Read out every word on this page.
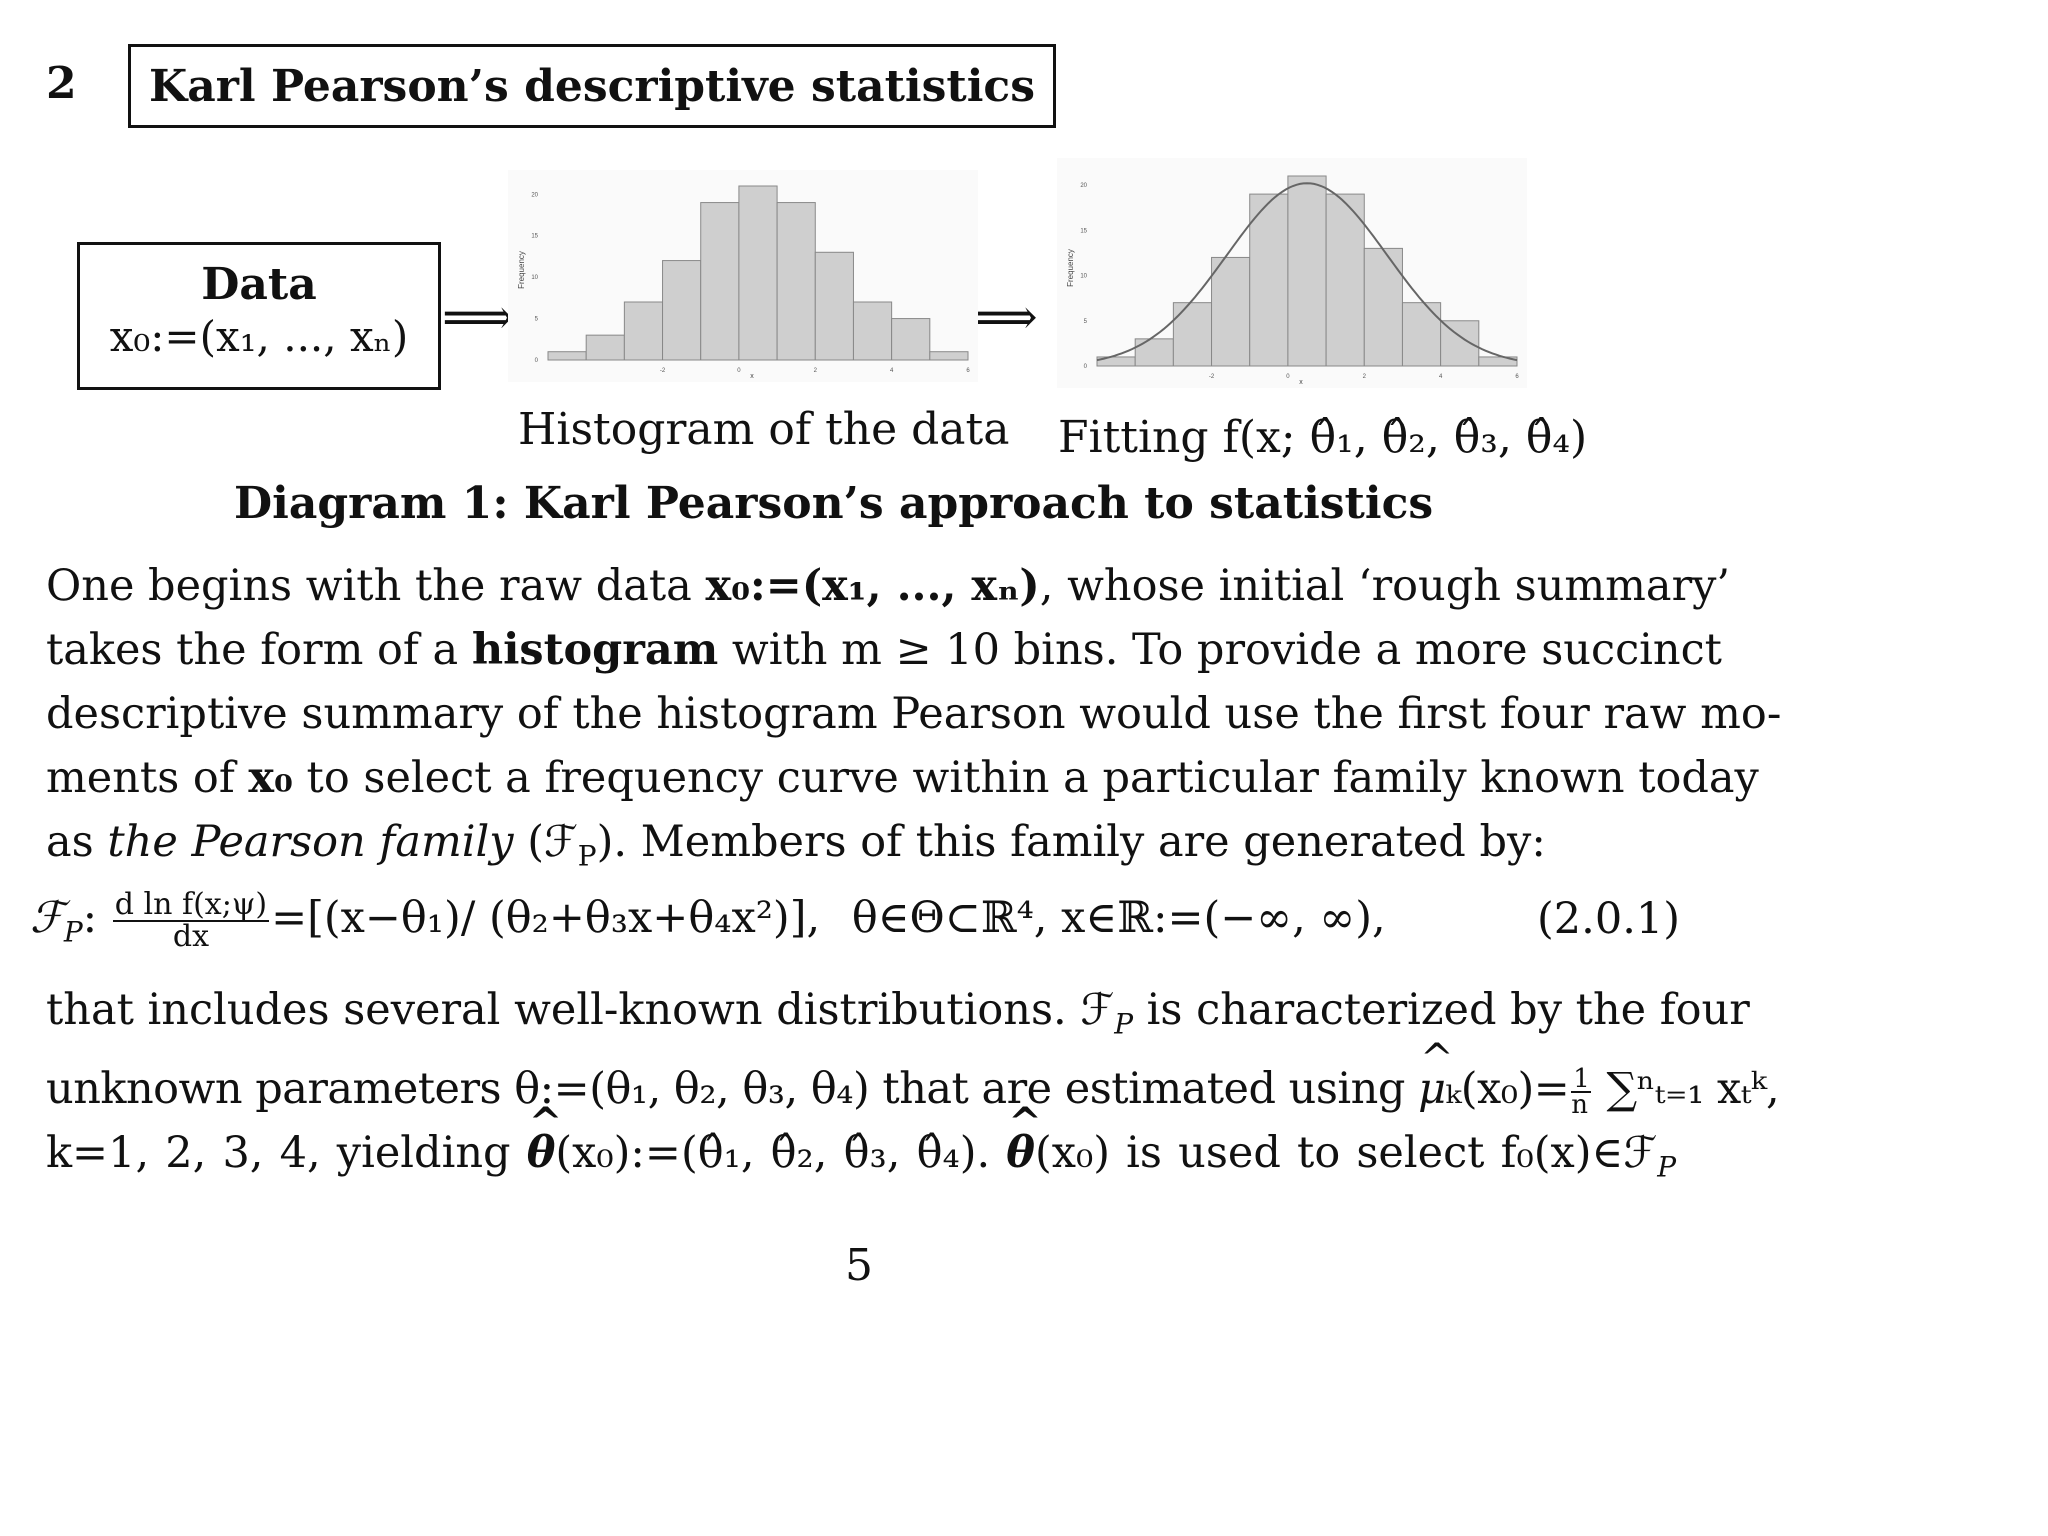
2	Karl Pearson’s descriptive statistics
Data
x₀:=(x₁, ..., xₙ) ⟹	⟹
Frequency
20
15
10
5
0
-2	0	2	4	6
x
Histogram of the data
Frequency
20
15
10
5
0
-2	0	2	4	6
x
Fitting f(x; θ̂₁, θ̂₂, θ̂₃, θ̂₄)
Diagram 1: Karl Pearson’s approach to statistics
One begins with the raw data x₀:=(x₁, ..., xₙ), whose initial ‘rough summary’
takes the form of a histogram with m ≥ 10 bins. To provide a more succinct
descriptive summary of the histogram Pearson would use the first four raw mo-
ments of x₀ to select a frequency curve within a particular family known today
as the Pearson family (ℱ$_P$). Members of this family are generated by:
ℱ$_P$: $\frac{\text{d ln f(x;ψ)}}{dx} =[(x-\theta_1)/$ (θ₂+θ₃x+θ₄x²)], θ∈Θ⊂ℝ⁴, x∈ℝ:=(−∞, ∞),	(2.0.1)
that includes several well-known distributions. ℱ$_P$ is characterized by the four
unknown parameters θ:=(θ₁, θ₂, θ₃, θ₄) that are estimated using ^ $\mu_k(x_0)= \frac{1}{n} \sum^n_{t=1}$ xₜᵏ,
k=1, 2, 3, 4, yielding ^ θ(x₀):=(θ̂₁, θ̂₂, θ̂₃, θ̂₄). ^ θ(x₀) is used to select f₀(x)∈ℱ$_P$
5
